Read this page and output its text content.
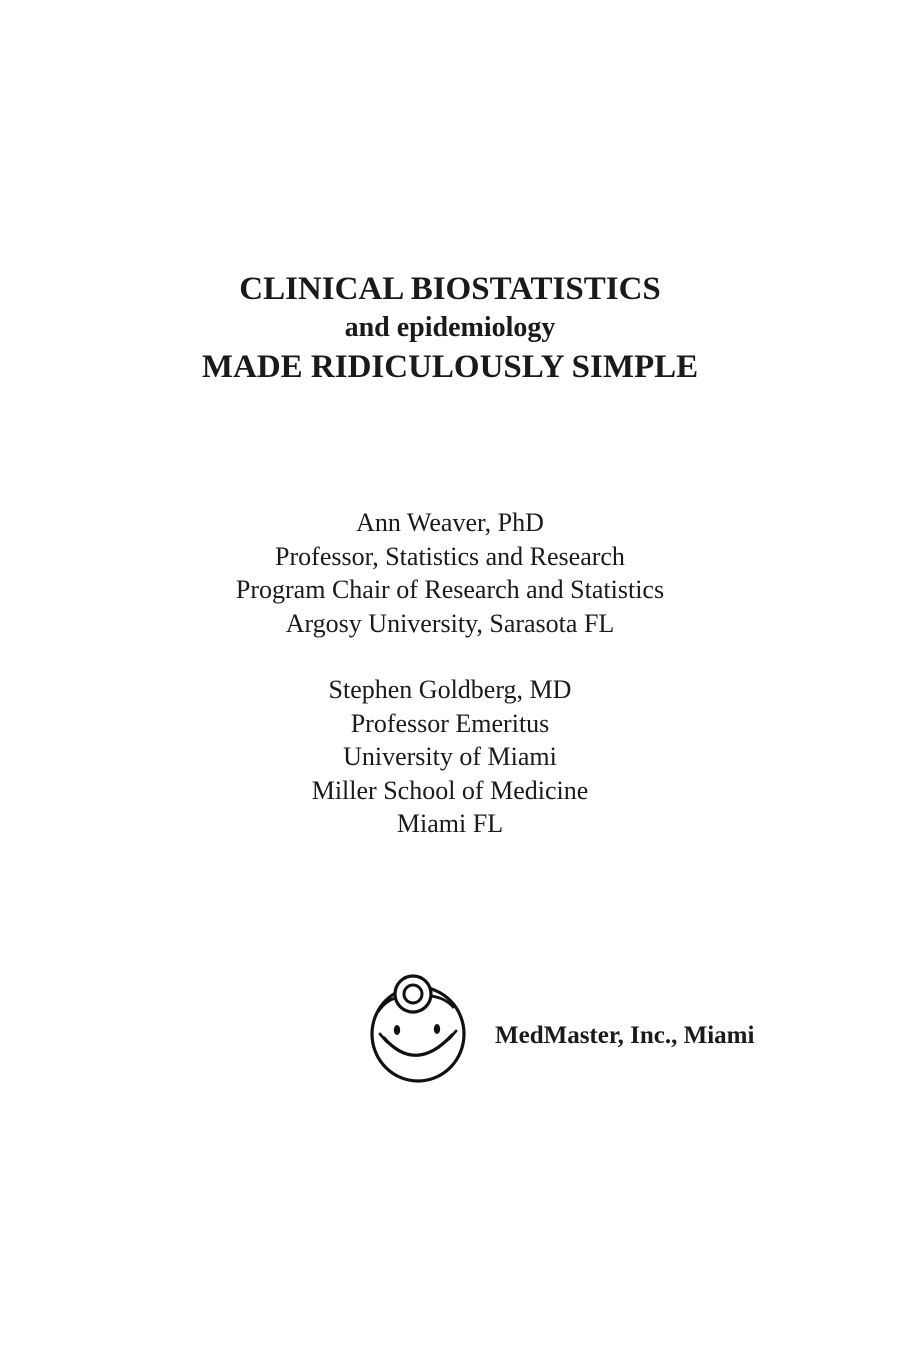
CLINICAL BIOSTATISTICS

and epidemiology

MADE RIDICULOUSLY SIMPLE

Ann Weaver, PhD

Professor, Statistics and Research

Program Chair of Research and Statistics

Argosy University, Sarasota FL

Stephen Goldberg, MD

Professor Emeritus

University of Miami

Miller School of Medicine

Miami FL

MedMaster, Inc., Miami
